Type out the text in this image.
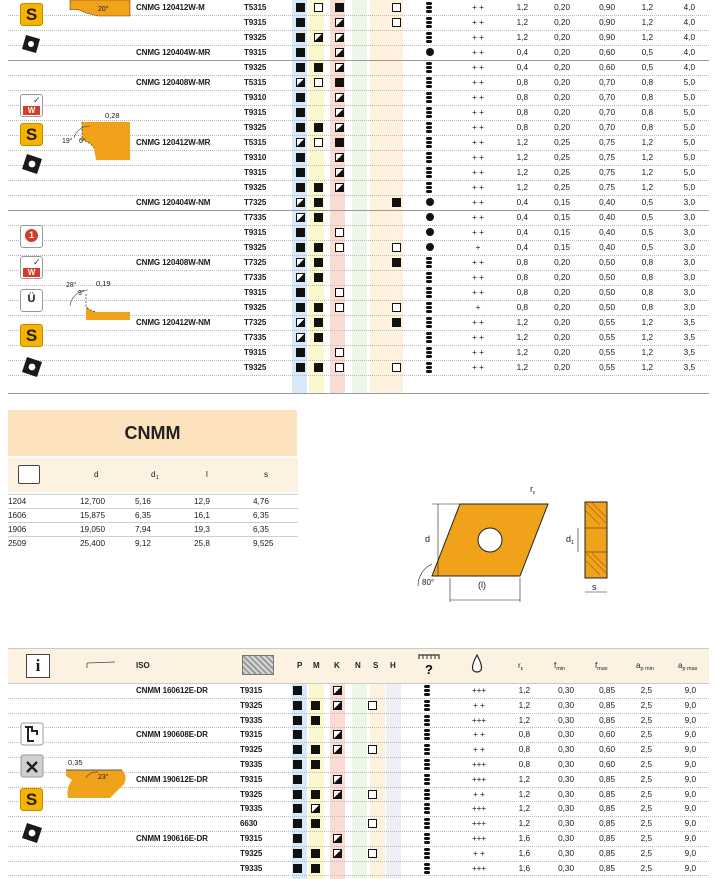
CNMG 120412W-M	T5315	+ +	1,2	0,20	0,90	1,2	4,0
T9315	+ +	1,2	0,20	0,90	1,2	4,0
T9325	+ +	1,2	0,20	0,90	1,2	4,0
CNMG 120404W-MR	T9315	+ +	0,4	0,20	0,60	0,5	4,0
T9325	+ +	0,4	0,20	0,60	0,5	4,0
CNMG 120408W-MR	T5315	+ +	0,8	0,20	0,70	0,8	5,0
T9310	+ +	0,8	0,20	0,70	0,8	5,0
T9315	+ +	0,8	0,20	0,70	0,8	5,0
T9325	+ +	0,8	0,20	0,70	0,8	5,0
CNMG 120412W-MR	T5315	+ +	1,2	0,25	0,75	1,2	5,0
T9310	+ +	1,2	0,25	0,75	1,2	5,0
T9315	+ +	1,2	0,25	0,75	1,2	5,0
T9325	+ +	1,2	0,25	0,75	1,2	5,0
CNMG 120404W-NM	T7325	+ +	0,4	0,15	0,40	0,5	3,0
T7335	+ +	0,4	0,15	0,40	0,5	3,0
T9315	+ +	0,4	0,15	0,40	0,5	3,0
T9325	+	0,4	0,15	0,40	0,5	3,0
CNMG 120408W-NM	T7325	+ +	0,8	0,20	0,50	0,8	3,0
T7335	+ +	0,8	0,20	0,50	0,8	3,0
T9315	+ +	0,8	0,20	0,50	0,8	3,0
T9325	+	0,8	0,20	0,50	0,8	3,0
CNMG 120412W-NM	T7325	+ +	1,2	0,20	0,55	1,2	3,5
T7335	+ +	1,2	0,20	0,55	1,2	3,5
T9315	+ +	1,2	0,20	0,55	1,2	3,5
T9325	+ +	1,2	0,20	0,55	1,2	3,5
S	20°
W
✓
S
0,28
19° 6°
1
W
✓
Ü
S
0,19
28°
9°
CNMM
d	$d_1$	l	s
1204	12,700	5,16	12,9	4,76
1606	15,875	6,35	16,1	6,35
1906	19,050	7,94	19,3	6,35
2509	25,400	9,12	25,8	9,525	d
(l)
80°
$r_\varepsilon$
$d_1$
s
i	ISO	P M K N S H ?	$r_\varepsilon$	$f_{min}$	$f_{max}$	$a_{p min}$	$a_{p max}$
CNMM 160612E-DR	T9315	+++	1,2	0,30	0,85	2,5	9,0
T9325	+ +	1,2	0,30	0,85	2,5	9,0
T9335	+++	1,2	0,30	0,85	2,5	9,0
CNMM 190608E-DR	T9315	+ +	0,8	0,30	0,60	2,5	9,0
T9325	+ +	0,8	0,30	0,60	2,5	9,0
T9335	+++	0,8	0,30	0,60	2,5	9,0
CNMM 190612E-DR	T9315	+++	1,2	0,30	0,85	2,5	9,0
T9325	+ +	1,2	0,30	0,85	2,5	9,0
T9335	+++	1,2	0,30	0,85	2,5	9,0
6630	+++	1,2	0,30	0,85	2,5	9,0
CNMM 190616E-DR	T9315	+++	1,6	0,30	0,85	2,5	9,0
T9325	+ +	1,6	0,30	0,85	2,5	9,0
T9335	+++	1,6	0,30	0,85	2,5	9,0
S
0,35
23°
